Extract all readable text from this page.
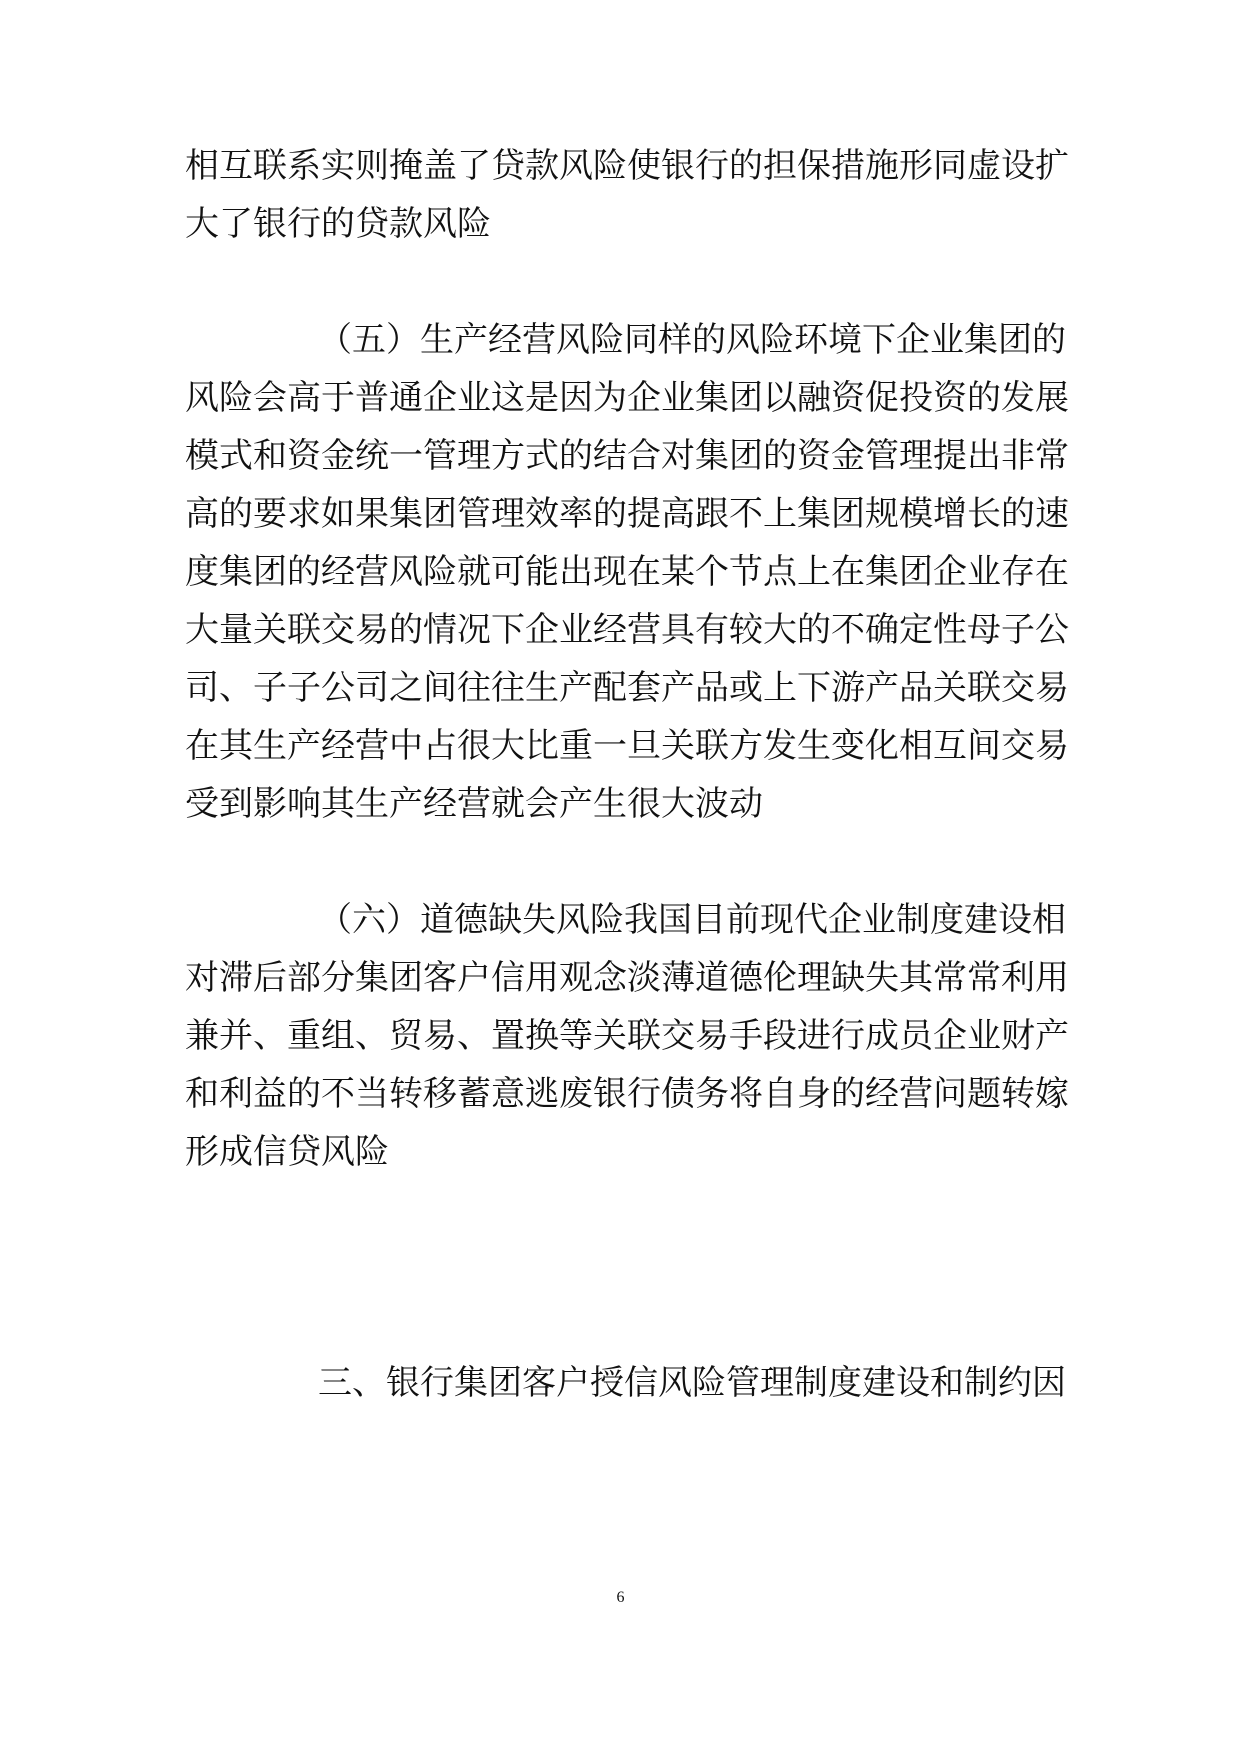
相互联系实则掩盖了贷款风险使银行的担保措施形同虚设扩
大了银行的贷款风险
（五）生产经营风险同样的风险环境下企业集团的
风险会高于普通企业这是因为企业集团以融资促投资的发展
模式和资金统一管理方式的结合对集团的资金管理提出非常
高的要求如果集团管理效率的提高跟不上集团规模增长的速
度集团的经营风险就可能出现在某个节点上在集团企业存在
大量关联交易的情况下企业经营具有较大的不确定性母子公
司、子子公司之间往往生产配套产品或上下游产品关联交易
在其生产经营中占很大比重一旦关联方发生变化相互间交易
受到影响其生产经营就会产生很大波动
（六）道德缺失风险我国目前现代企业制度建设相
对滞后部分集团客户信用观念淡薄道德伦理缺失其常常利用
兼并、重组、贸易、置换等关联交易手段进行成员企业财产
和利益的不当转移蓄意逃废银行债务将自身的经营问题转嫁
形成信贷风险
三、银行集团客户授信风险管理制度建设和制约因
6
